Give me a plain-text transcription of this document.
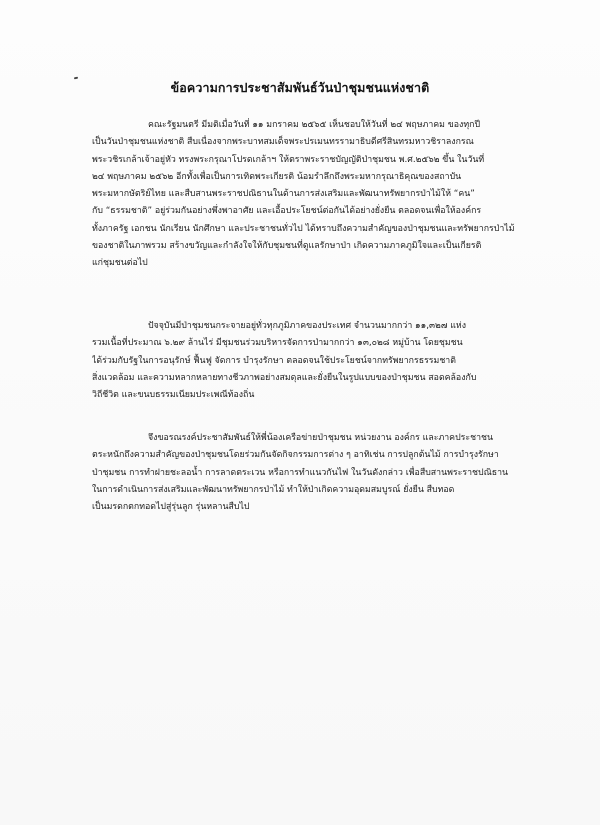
ข้อความการประชาสัมพันธ์วันป่าชุมชนแห่งชาติ
คณะรัฐมนตรี มีมติเมื่อวันที่ ๑๑ มกราคม ๒๕๖๕ เห็นชอบให้วันที่ ๒๔ พฤษภาคม ของทุกปี
เป็นวันป่าชุมชนแห่งชาติ สืบเนื่องจากพระบาทสมเด็จพระปรเมนทรรามาธิบดีศรีสินทรมหาวชิราลงกรณ
พระวชิรเกล้าเจ้าอยู่หัว ทรงพระกรุณาโปรดเกล้าฯ ให้ตราพระราชบัญญัติป่าชุมชน พ.ศ.๒๕๖๒ ขึ้น ในวันที่
๒๔ พฤษภาคม ๒๕๖๒ อีกทั้งเพื่อเป็นการเทิดพระเกียรติ น้อมรำลึกถึงพระมหากรุณาธิคุณของสถาบัน
พระมหากษัตริย์ไทย และสืบสานพระราชปณิธานในด้านการส่งเสริมและพัฒนาทรัพยากรป่าไม้ให้ “คน”
กับ “ธรรมชาติ” อยู่ร่วมกันอย่างพึ่งพาอาศัย และเอื้อประโยชน์ต่อกันได้อย่างยั่งยืน ตลอดจนเพื่อให้องค์กร
ทั้งภาครัฐ เอกชน นักเรียน นักศึกษา และประชาชนทั่วไป ได้ทราบถึงความสำคัญของป่าชุมชนและทรัพยากรป่าไม้
ของชาติในภาพรวม สร้างขวัญและกำลังใจให้กับชุมชนที่ดูแลรักษาป่า เกิดความภาคภูมิใจและเป็นเกียรติ
แก่ชุมชนต่อไป
ปัจจุบันมีป่าชุมชนกระจายอยู่ทั่วทุกภูมิภาคของประเทศ จำนวนมากกว่า ๑๑,๓๒๗ แห่ง
รวมเนื้อที่ประมาณ ๖.๒๙ ล้านไร่ มีชุมชนร่วมบริหารจัดการป่ามากกว่า ๑๓,๐๒๘ หมู่บ้าน โดยชุมชน
ได้ร่วมกับรัฐในการอนุรักษ์ ฟื้นฟู จัดการ บำรุงรักษา ตลอดจนใช้ประโยชน์จากทรัพยากรธรรมชาติ
สิ่งแวดล้อม และความหลากหลายทางชีวภาพอย่างสมดุลและยั่งยืนในรูปแบบของป่าชุมชน สอดคล้องกับ
วิถีชีวิต และขนบธรรมเนียมประเพณีท้องถิ่น
จึงขอรณรงค์ประชาสัมพันธ์ให้พี่น้องเครือข่ายป่าชุมชน หน่วยงาน องค์กร และภาคประชาชน
ตระหนักถึงความสำคัญของป่าชุมชนโดยร่วมกันจัดกิจกรรมการต่าง ๆ อาทิเช่น การปลูกต้นไม้ การบำรุงรักษา
ป่าชุมชน การทำฝายชะลอน้ำ การลาดตระเวน หรือการทำแนวกันไฟ ในวันดังกล่าว เพื่อสืบสานพระราชปณิธาน
ในการดำเนินการส่งเสริมและพัฒนาทรัพยากรป่าไม้ ทำให้ป่าเกิดความอุดมสมบูรณ์ ยั่งยืน สืบทอด
เป็นมรดกตกทอดไปสู่รุ่นลูก รุ่นหลานสืบไป
